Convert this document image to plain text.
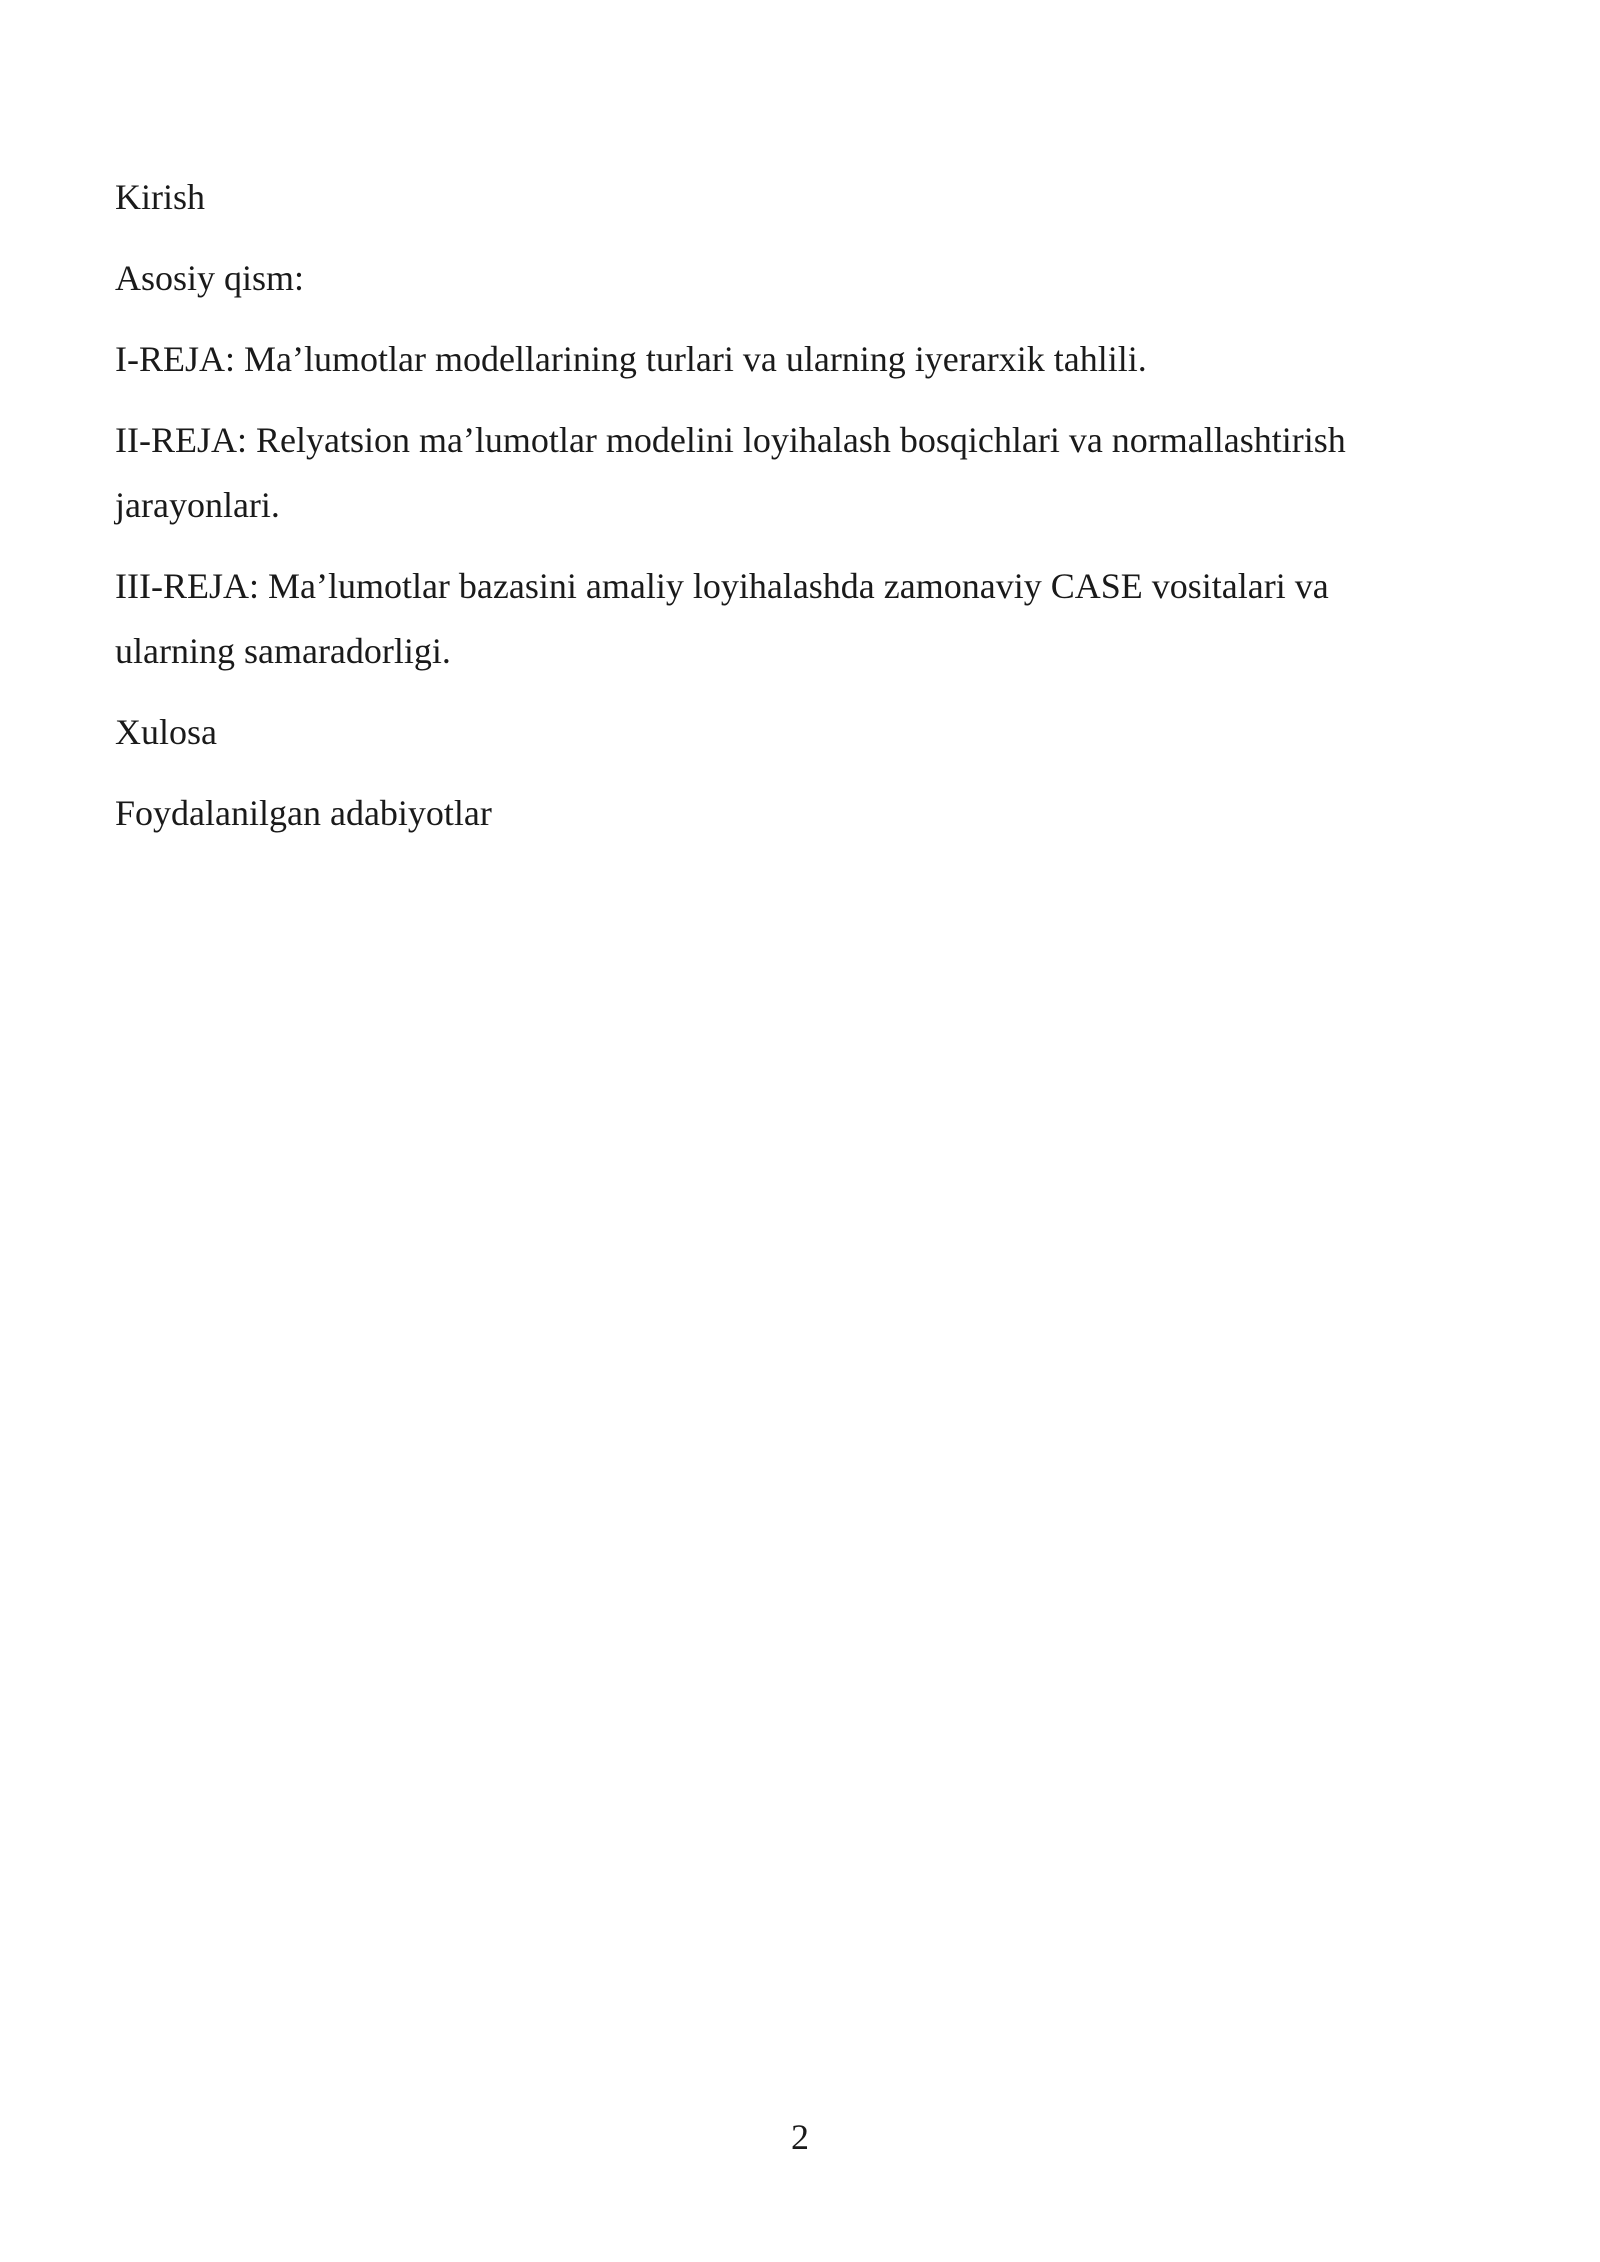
Kirish
Asosiy qism:
I-REJA: Ma’lumotlar modellarining turlari va ularning iyerarxik tahlili.
II-REJA: Relyatsion ma’lumotlar modelini loyihalash bosqichlari va normallashtirish jarayonlari.
III-REJA: Ma’lumotlar bazasini amaliy loyihalashda zamonaviy CASE vositalari va ularning samaradorligi.
Xulosa
Foydalanilgan adabiyotlar

2
